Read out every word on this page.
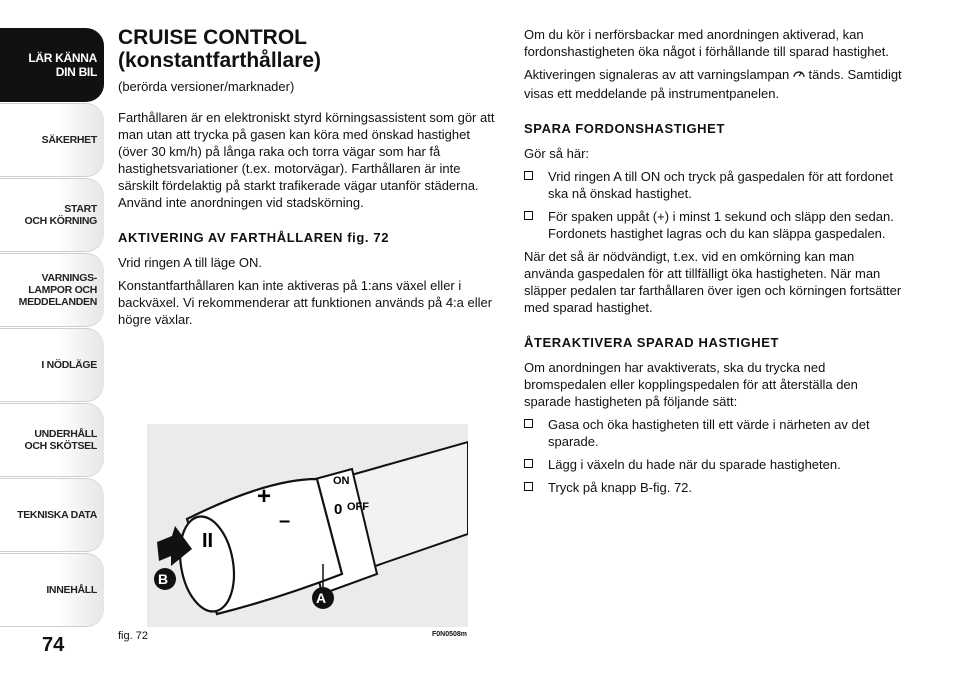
LÄR KÄNNA
DIN BIL
SÄKERHET
START
OCH KÖRNING
VARNINGS-
LAMPOR OCH
MEDDELANDEN
I NÖDLÄGE
UNDERHÅLL
OCH SKÖTSEL
TEKNISKA DATA
INNEHÅLL
74
CRUISE CONTROL
(konstantfarthållare)

(berörda versioner/marknader)

Farthållaren är en elektroniskt styrd körningsassistent som gör att man utan att trycka på gasen kan köra med önskad hastighet (över 30 km/h) på långa raka och torra vägar som har få hastighetsvariationer (t.ex. motorvägar). Farthållaren är inte särskilt fördelaktig på starkt trafikerade vägar utanför städerna. Använd inte anordningen vid stadskörning.

AKTIVERING AV FARTHÅLLAREN fig. 72

Vrid ringen A till läge ON.

Konstantfarthållaren kan inte aktiveras på 1:ans växel eller i backväxel. Vi rekommenderar att funktionen används på 4:a eller högre växlar.

Om du kör i nerförsbackar med anordningen aktiverad, kan fordonshastigheten öka något i förhållande till sparad hastighet.

Aktiveringen signaleras av att varningslampan tänds. Samtidigt visas ett meddelande på instrumentpanelen.

SPARA FORDONSHASTIGHET

Gör så här:

Vrid ringen A till ON och tryck på gaspedalen för att fordonet ska nå önskad hastighet.
För spaken uppåt (+) i minst 1 sekund och släpp den sedan. Fordonets hastighet lagras och du kan släppa gaspedalen.

När det så är nödvändigt, t.ex. vid en omkörning kan man använda gaspedalen för att tillfälligt öka hastigheten. När man släpper pedalen tar farthållaren över igen och körningen fortsätter med sparad hastighet.

ÅTERAKTIVERA SPARAD HASTIGHET

Om anordningen har avaktiverats, ska du trycka ned bromspedalen eller kopplingspedalen för att återställa den sparade hastigheten på följande sätt:

Gasa och öka hastigheten till ett värde i närheten av det sparade.
Lägg i växeln du hade när du sparade hastigheten.
Tryck på knapp B-fig. 72.
II
+
–
ON
0 OFF
B
A
fig. 72	F0N0508m
